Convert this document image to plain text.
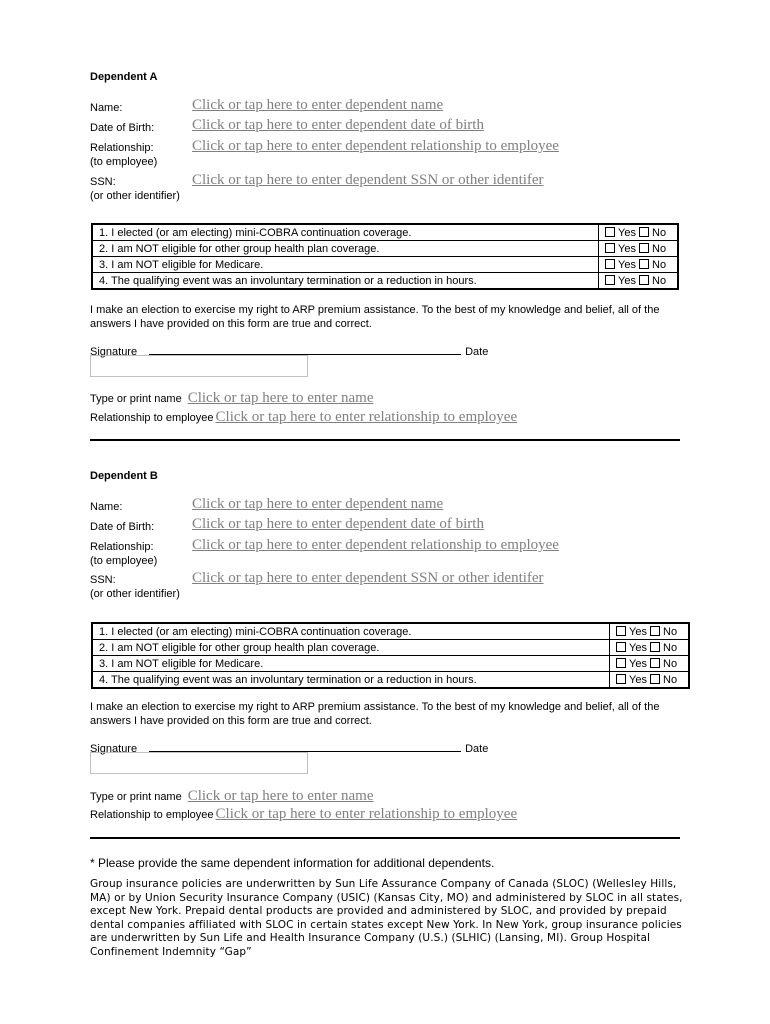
Dependent A
Name:	Click or tap here to enter dependent name
Date of Birth:	Click or tap here to enter dependent date of birth
Relationship:
(to employee)
Click or tap here to enter dependent relationship to employee
SSN:
(or other identifier)
Click or tap here to enter dependent SSN or other identifer
1. I elected (or am electing) mini-COBRA continuation coverage.	Yes No
2. I am NOT eligible for other group health plan coverage.	Yes No
3. I am NOT eligible for Medicare.	Yes No
4. The qualifying event was an involuntary termination or a reduction in hours.	Yes No
I make an election to exercise my right to ARP premium assistance. To the best of my knowledge and belief, all of the answers I have provided on this form are true and correct.
Signature	Date
Type or print name Click or tap here to enter name
Relationship to employee Click or tap here to enter relationship to employee
Dependent B
Name:	Click or tap here to enter dependent name
Date of Birth:	Click or tap here to enter dependent date of birth
Relationship:
(to employee)
Click or tap here to enter dependent relationship to employee
SSN:
(or other identifier)
Click or tap here to enter dependent SSN or other identifer
1. I elected (or am electing) mini-COBRA continuation coverage.	Yes No
2. I am NOT eligible for other group health plan coverage.	Yes No
3. I am NOT eligible for Medicare.	Yes No
4. The qualifying event was an involuntary termination or a reduction in hours.	Yes No
I make an election to exercise my right to ARP premium assistance. To the best of my knowledge and belief, all of the answers I have provided on this form are true and correct.
Signature	Date
Type or print name Click or tap here to enter name
Relationship to employee Click or tap here to enter relationship to employee
* Please provide the same dependent information for additional dependents.
Group insurance policies are underwritten by Sun Life Assurance Company of Canada (SLOC) (Wellesley Hills, MA) or by Union Security Insurance Company (USIC) (Kansas City, MO) and administered by SLOC in all states, except New York. Prepaid dental products are provided and administered by SLOC, and provided by prepaid dental companies affiliated with SLOC in certain states except New York. In New York, group insurance policies are underwritten by Sun Life and Health Insurance Company (U.S.) (SLHIC) (Lansing, MI). Group Hospital Confinement Indemnity “Gap”
